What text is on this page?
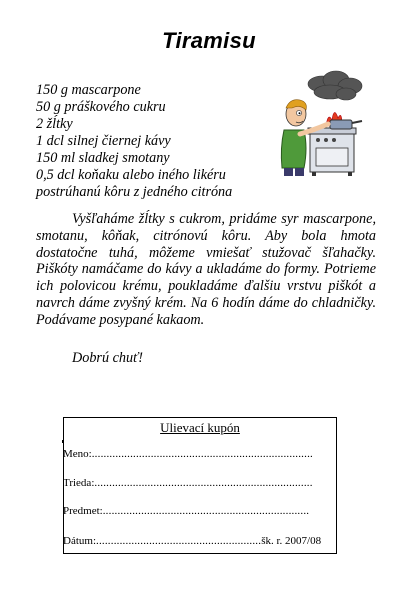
Tiramisu
150 g mascarpone
50 g práškového cukru
2 žĺtky
1 dcl silnej čiernej kávy
150 ml sladkej smotany
0,5 dcl koňaku alebo iného likéru
postrúhanú kôru z jedného citróna
Vyšľaháme žĺtky s cukrom, pridáme syr mascarpone, smotanu, kôňak, citrónovú kôru. Aby bola hmota dostatočne tuhá, môžeme vmiešať stužovač šľahačky. Piškóty namáčame do kávy a ukladáme do formy. Potrieme ich polovicou krému, poukladáme ďalšiu vrstvu piškót a navrch dáme zvyšný krém. Na 6 hodín dáme do chladničky. Podávame posypané kakaom.
Dobrú chuť!
Ulievací kupón
Meno:...........................................................................
Trieda:..........................................................................
Predmet:......................................................................
Dátum:........................................................šk. r. 2007/08
